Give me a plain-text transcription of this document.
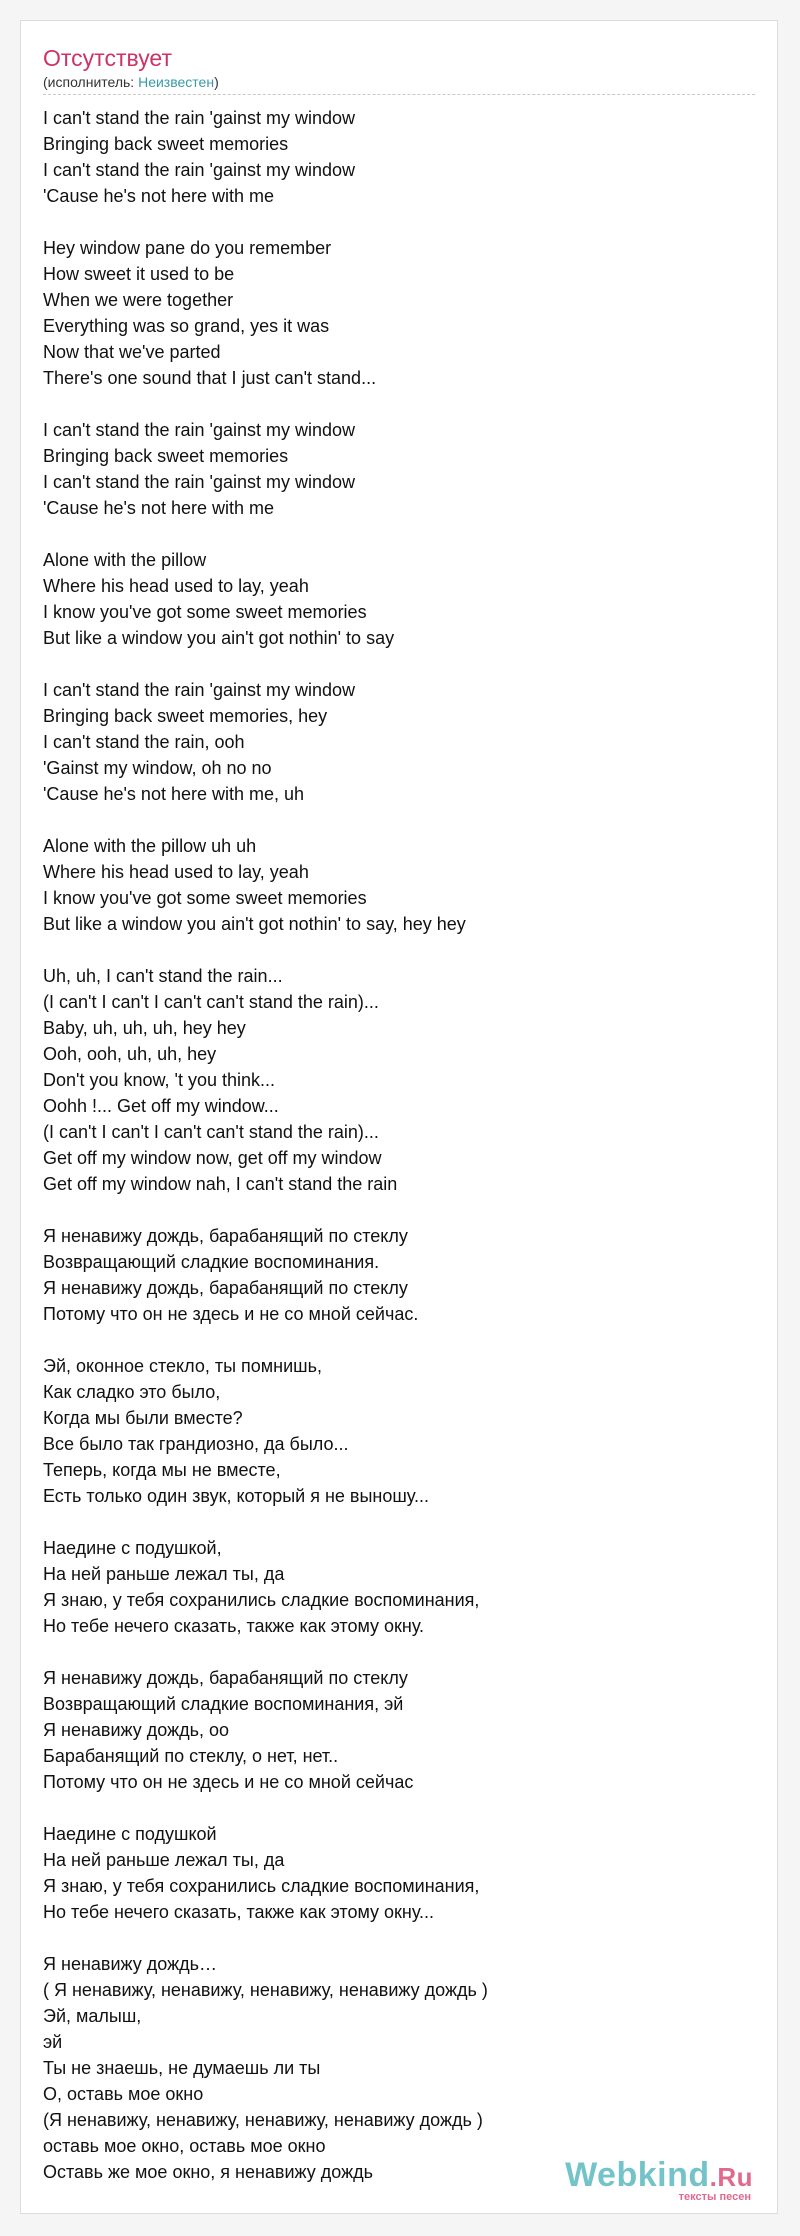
Отсутствует
(исполнитель: Неизвестен)
I can't stand the rain 'gainst my window
Bringing back sweet memories
I can't stand the rain 'gainst my window
'Cause he's not here with me
Hey window pane do you remember
How sweet it used to be
When we were together
Everything was so grand, yes it was
Now that we've parted
There's one sound that I just can't stand...
I can't stand the rain 'gainst my window
Bringing back sweet memories
I can't stand the rain 'gainst my window
'Cause he's not here with me
Alone with the pillow
Where his head used to lay, yeah
I know you've got some sweet memories
But like a window you ain't got nothin' to say
I can't stand the rain 'gainst my window
Bringing back sweet memories, hey
I can't stand the rain, ooh
'Gainst my window, oh no no
'Cause he's not here with me, uh
Alone with the pillow uh uh
Where his head used to lay, yeah
I know you've got some sweet memories
But like a window you ain't got nothin' to say, hey hey
Uh, uh, I can't stand the rain...
(I can't I can't I can't can't stand the rain)...
Baby, uh, uh, uh, hey hey
Ooh, ooh, uh, uh, hey
Don't you know, 't you think...
Oohh !... Get off my window...
(I can't I can't I can't can't stand the rain)...
Get off my window now, get off my window
Get off my window nah, I can't stand the rain
Я ненавижу дождь, барабанящий по стеклу
Возвращающий сладкие воспоминания.
Я ненавижу дождь, барабанящий по стеклу
Потому что он не здесь и не со мной сейчас.
Эй, оконное стекло, ты помнишь,
Как сладко это было,
Когда мы были вместе?
Все было так грандиозно, да было...
Теперь, когда мы не вместе,
Есть только один звук, который я не выношу...
Наедине с подушкой,
На ней раньше лежал ты, да
Я знаю, у тебя сохранились сладкие воспоминания,
Но тебе нечего сказать, также как этому окну.
Я ненавижу дождь, барабанящий по стеклу
Возвращающий сладкие воспоминания, эй
Я ненавижу дождь, оо
Барабанящий по стеклу, о нет, нет..
Потому что он не здесь и не со мной сейчас
Наедине с подушкой
На ней раньше лежал ты, да
Я знаю, у тебя сохранились сладкие воспоминания,
Но тебе нечего сказать, также как этому окну...
Я ненавижу дождь…
( Я ненавижу, ненавижу, ненавижу, ненавижу дождь )
Эй, малыш,
эй
Ты не знаешь, не думаешь ли ты
О, оставь мое окно
(Я ненавижу, ненавижу, ненавижу, ненавижу дождь )
оставь мое окно, оставь мое окно
Оставь же мое окно, я ненавижу дождь	Webkind.Ru
тексты песен
